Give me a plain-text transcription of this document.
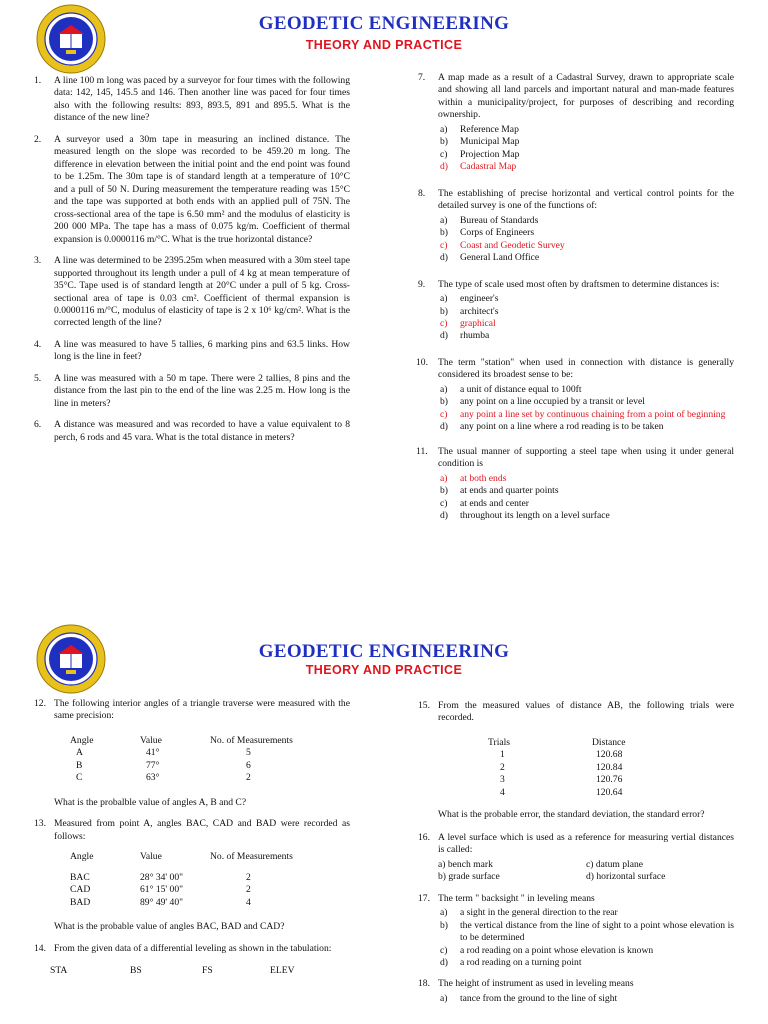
GEODETIC ENGINEERING
THEORY AND PRACTICE
1. A line 100 m long was paced by a surveyor for four times with the following data: 142, 145, 145.5 and 146. Then another line was paced for four times also with the following results: 893, 893.5, 891 and 895.5. What is the distance of the new line?
2. A surveyor used a 30m tape in measuring an inclined distance. The measured length on the slope was recorded to be 459.20 m long. The difference in elevation between the initial point and the end point was found to be 1.25m. The 30m tape is of standard length at a temperature of 10°C and a pull of 50 N. During measurement the temperature reading was 15°C and the tape was supported at both ends with an applied pull of 75N. The cross-sectional area of the tape is 6.50 mm² and the modulus of elasticity is 200 000 MPa. The tape has a mass of 0.075 kg/m. Coefficient of thermal expansion is 0.0000116 m/°C. What is the true horizontal distance?
3. A line was determined to be 2395.25m when measured with a 30m steel tape supported throughout its length under a pull of 4 kg at mean temperature of 35°C. Tape used is of standard length at 20°C under a pull of 5 kg. Cross-sectional area of tape is 0.03 cm². Coefficient of thermal expansion is 0.0000116 m/°C, modulus of elasticity of tape is 2 x 10⁶ kg/cm². What is the corrected length of the line?
4. A line was measured to have 5 tallies, 6 marking pins and 63.5 links. How long is the line in feet?
5. A line was measured with a 50 m tape. There were 2 tallies, 8 pins and the distance from the last pin to the end of the line was 2.25 m. How long is the line in meters?
6. A distance was measured and was recorded to have a value equivalent to 8 perch, 6 rods and 45 vara. What is the total distance in meters?
7. A map made as a result of a Cadastral Survey, drawn to appropriate scale and showing all land parcels and important natural and man-made features within a municipality/project, for purposes of describing and recording ownership.
a) Reference Map
b) Municipal Map
c) Projection Map
d) Cadastral Map
8. The establishing of precise horizontal and vertical control points for the detailed survey is one of the functions of:
a) Bureau of Standards
b) Corps of Engineers
c) Coast and Geodetic Survey
d) General Land Office
9. The type of scale used most often by draftsmen to determine distances is:
a) engineer's
b) architect's
c) graphical
d) rhumba
10. The term "station" when used in connection with distance is generally considered its broadest sense to be:
a) a unit of distance equal to 100ft
b) any point on a line occupied by a transit or level
c) any point a line set by continuous chaining from a point of beginning
d) any point on a line where a rod reading is to be taken
11. The usual manner of supporting a steel tape when using it under general condition is
a) at both ends
b) at ends and quarter points
c) at ends and center
d) throughout its length on a level surface
GEODETIC ENGINEERING
THEORY AND PRACTICE
12. The following interior angles of a triangle traverse were measured with the same precision:
Angle	Value	No. of Measurements
A	41°	5
B	77°	6
C	63°	2
What is the probalble value of angles A, B and C?
13. Measured from point A, angles BAC, CAD and BAD were recorded as follows:
Angle	Value	No. of Measurements
BAC	28° 34' 00"	2
CAD	61° 15' 00"	2
BAD	89° 49' 40"	4
What is the probable value of angles BAC, BAD and CAD?
14. From the given data of a differential leveling as shown in the tabulation:
STA	BS	FS	ELEV
15. From the measured values of distance AB, the following trials were recorded.
Trials	Distance
1	120.68
2	120.84
3	120.76
4	120.64
What is the probable error, the standard deviation, the standard error?
16. A level surface which is used as a reference for measuring vertial distances is called:
a) bench mark	c) datum plane
b) grade surface	d) horizontal surface
17. The term " backsight " in leveling means
a) a sight in the general direction to the rear
b) the vertical distance from the line of sight to a point whose elevation is to be determined
c) a rod reading on a point whose elevation is known
d) a rod reading on a turning point
18. The height of instrument as used in leveling means
a) tance from the ground to the line of sight
